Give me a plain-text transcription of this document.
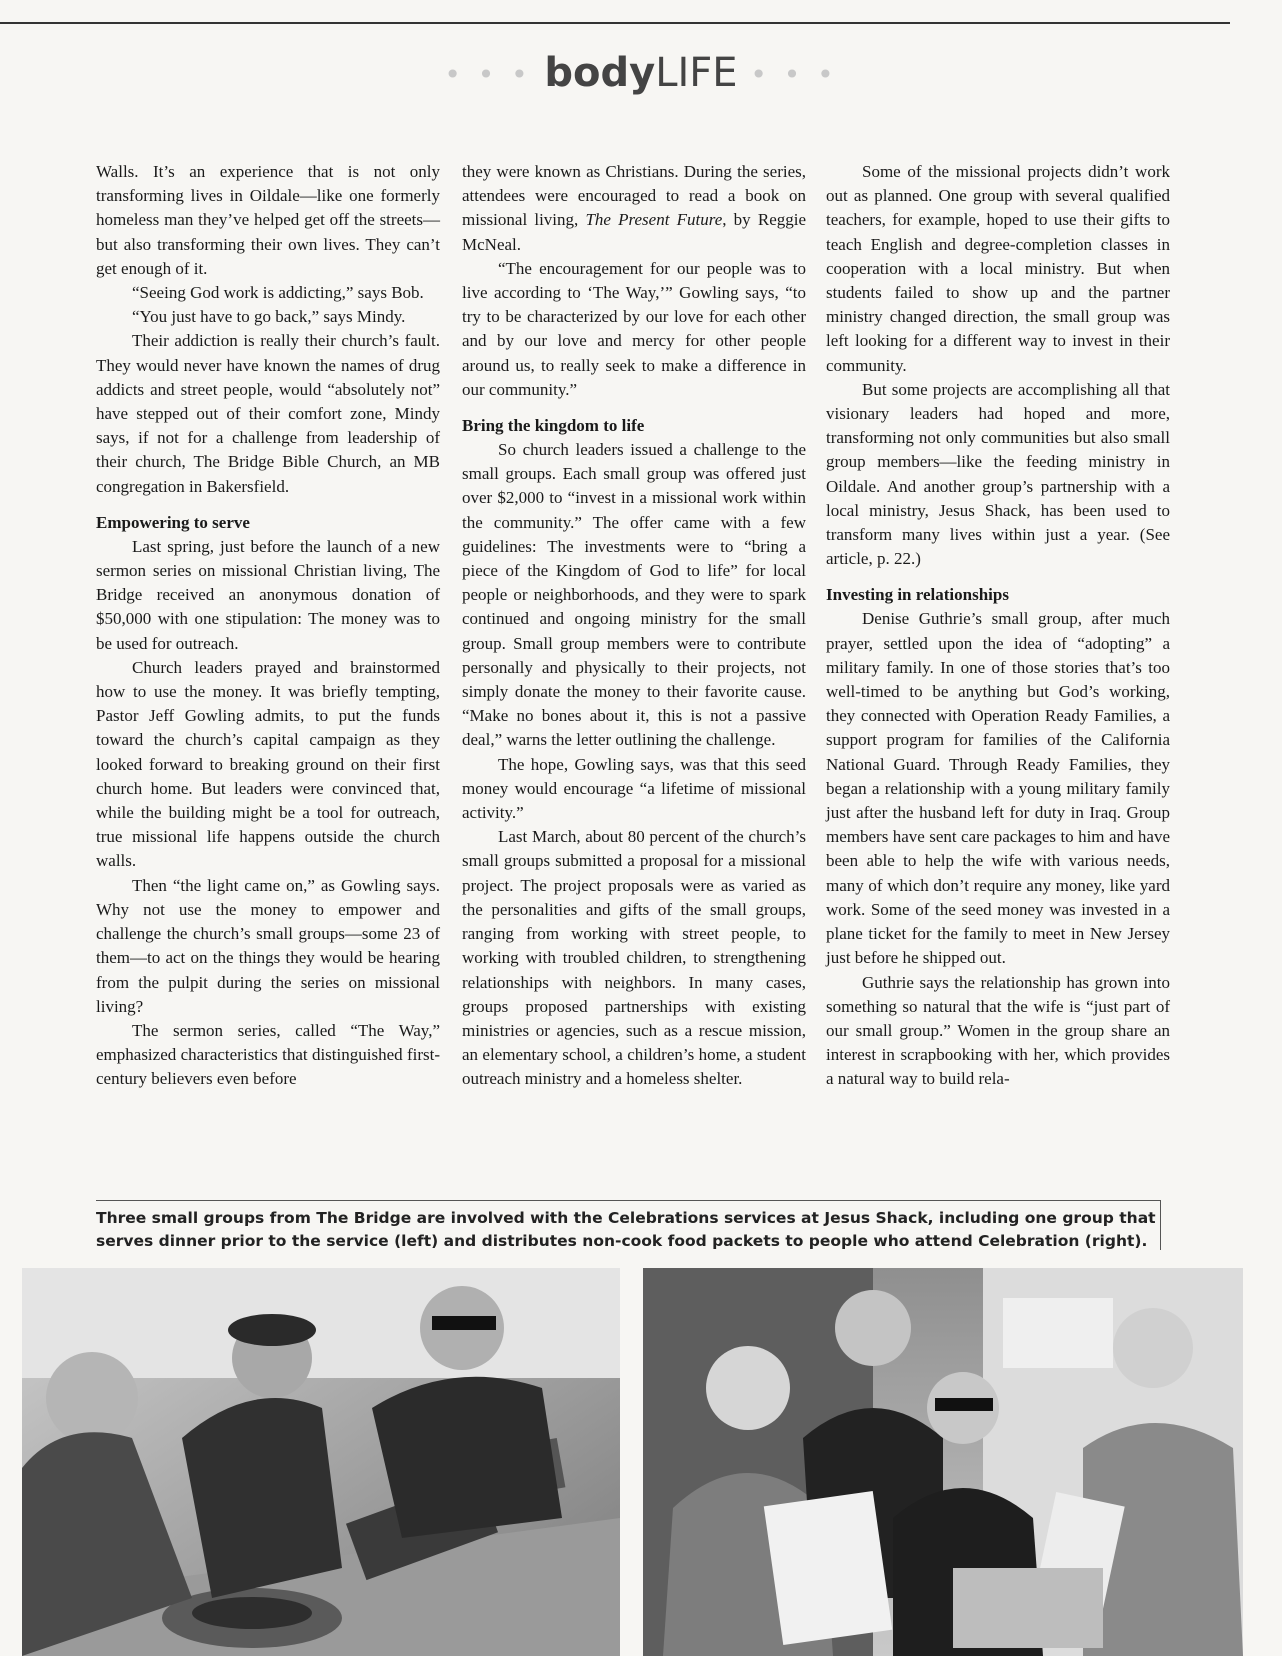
• • • bodyLIFE • • •

Walls. It’s an experience that is not only transforming lives in Oildale—like one formerly homeless man they’ve helped get off the streets—but also transforming their own lives. They can’t get enough of it.

“Seeing God work is addicting,” says Bob.

“You just have to go back,” says Mindy.

Their addiction is really their church’s fault. They would never have known the names of drug addicts and street people, would “absolutely not” have stepped out of their comfort zone, Mindy says, if not for a challenge from leadership of their church, The Bridge Bible Church, an MB congregation in Bakersfield.

Empowering to serve

Last spring, just before the launch of a new sermon series on missional Christian living, The Bridge received an anonymous donation of $50,000 with one stipulation: The money was to be used for outreach.

Church leaders prayed and brainstormed how to use the money. It was briefly tempting, Pastor Jeff Gowling admits, to put the funds toward the church’s capital campaign as they looked forward to breaking ground on their first church home. But leaders were convinced that, while the building might be a tool for outreach, true missional life happens outside the church walls.

Then “the light came on,” as Gowling says. Why not use the money to empower and challenge the church’s small groups—some 23 of them—to act on the things they would be hearing from the pulpit during the series on missional living?

The sermon series, called “The Way,” emphasized characteristics that distinguished first-century believers even before

they were known as Christians. During the series, attendees were encouraged to read a book on missional living, The Present Future, by Reggie McNeal.

“The encouragement for our people was to live according to ‘The Way,’” Gowling says, “to try to be characterized by our love for each other and by our love and mercy for other people around us, to really seek to make a difference in our community.”

Bring the kingdom to life

So church leaders issued a challenge to the small groups. Each small group was offered just over $2,000 to “invest in a missional work within the community.” The offer came with a few guidelines: The investments were to “bring a piece of the Kingdom of God to life” for local people or neighborhoods, and they were to spark continued and ongoing ministry for the small group. Small group members were to contribute personally and physically to their projects, not simply donate the money to their favorite cause. “Make no bones about it, this is not a passive deal,” warns the letter outlining the challenge.

The hope, Gowling says, was that this seed money would encourage “a lifetime of missional activity.”

Last March, about 80 percent of the church’s small groups submitted a proposal for a missional project. The project proposals were as varied as the personalities and gifts of the small groups, ranging from working with street people, to working with troubled children, to strengthening relationships with neighbors. In many cases, groups proposed partnerships with existing ministries or agencies, such as a rescue mission, an elementary school, a children’s home, a student outreach ministry and a homeless shelter.

Some of the missional projects didn’t work out as planned. One group with several qualified teachers, for example, hoped to use their gifts to teach English and degree-completion classes in cooperation with a local ministry. But when students failed to show up and the partner ministry changed direction, the small group was left looking for a different way to invest in their community.

But some projects are accomplishing all that visionary leaders had hoped and more, transforming not only communities but also small group members—like the feeding ministry in Oildale. And another group’s partnership with a local ministry, Jesus Shack, has been used to transform many lives within just a year. (See article, p. 22.)

Investing in relationships

Denise Guthrie’s small group, after much prayer, settled upon the idea of “adopting” a military family. In one of those stories that’s too well-timed to be anything but God’s working, they connected with Operation Ready Families, a support program for families of the California National Guard. Through Ready Families, they began a relationship with a young military family just after the husband left for duty in Iraq. Group members have sent care packages to him and have been able to help the wife with various needs, many of which don’t require any money, like yard work. Some of the seed money was invested in a plane ticket for the family to meet in New Jersey just before he shipped out.

Guthrie says the relationship has grown into something so natural that the wife is “just part of our small group.” Women in the group share an interest in scrapbooking with her, which provides a natural way to build rela-

Three small groups from The Bridge are involved with the Celebrations services at Jesus Shack, including one group that serves dinner prior to the service (left) and distributes non-cook food packets to people who attend Celebration (right).
